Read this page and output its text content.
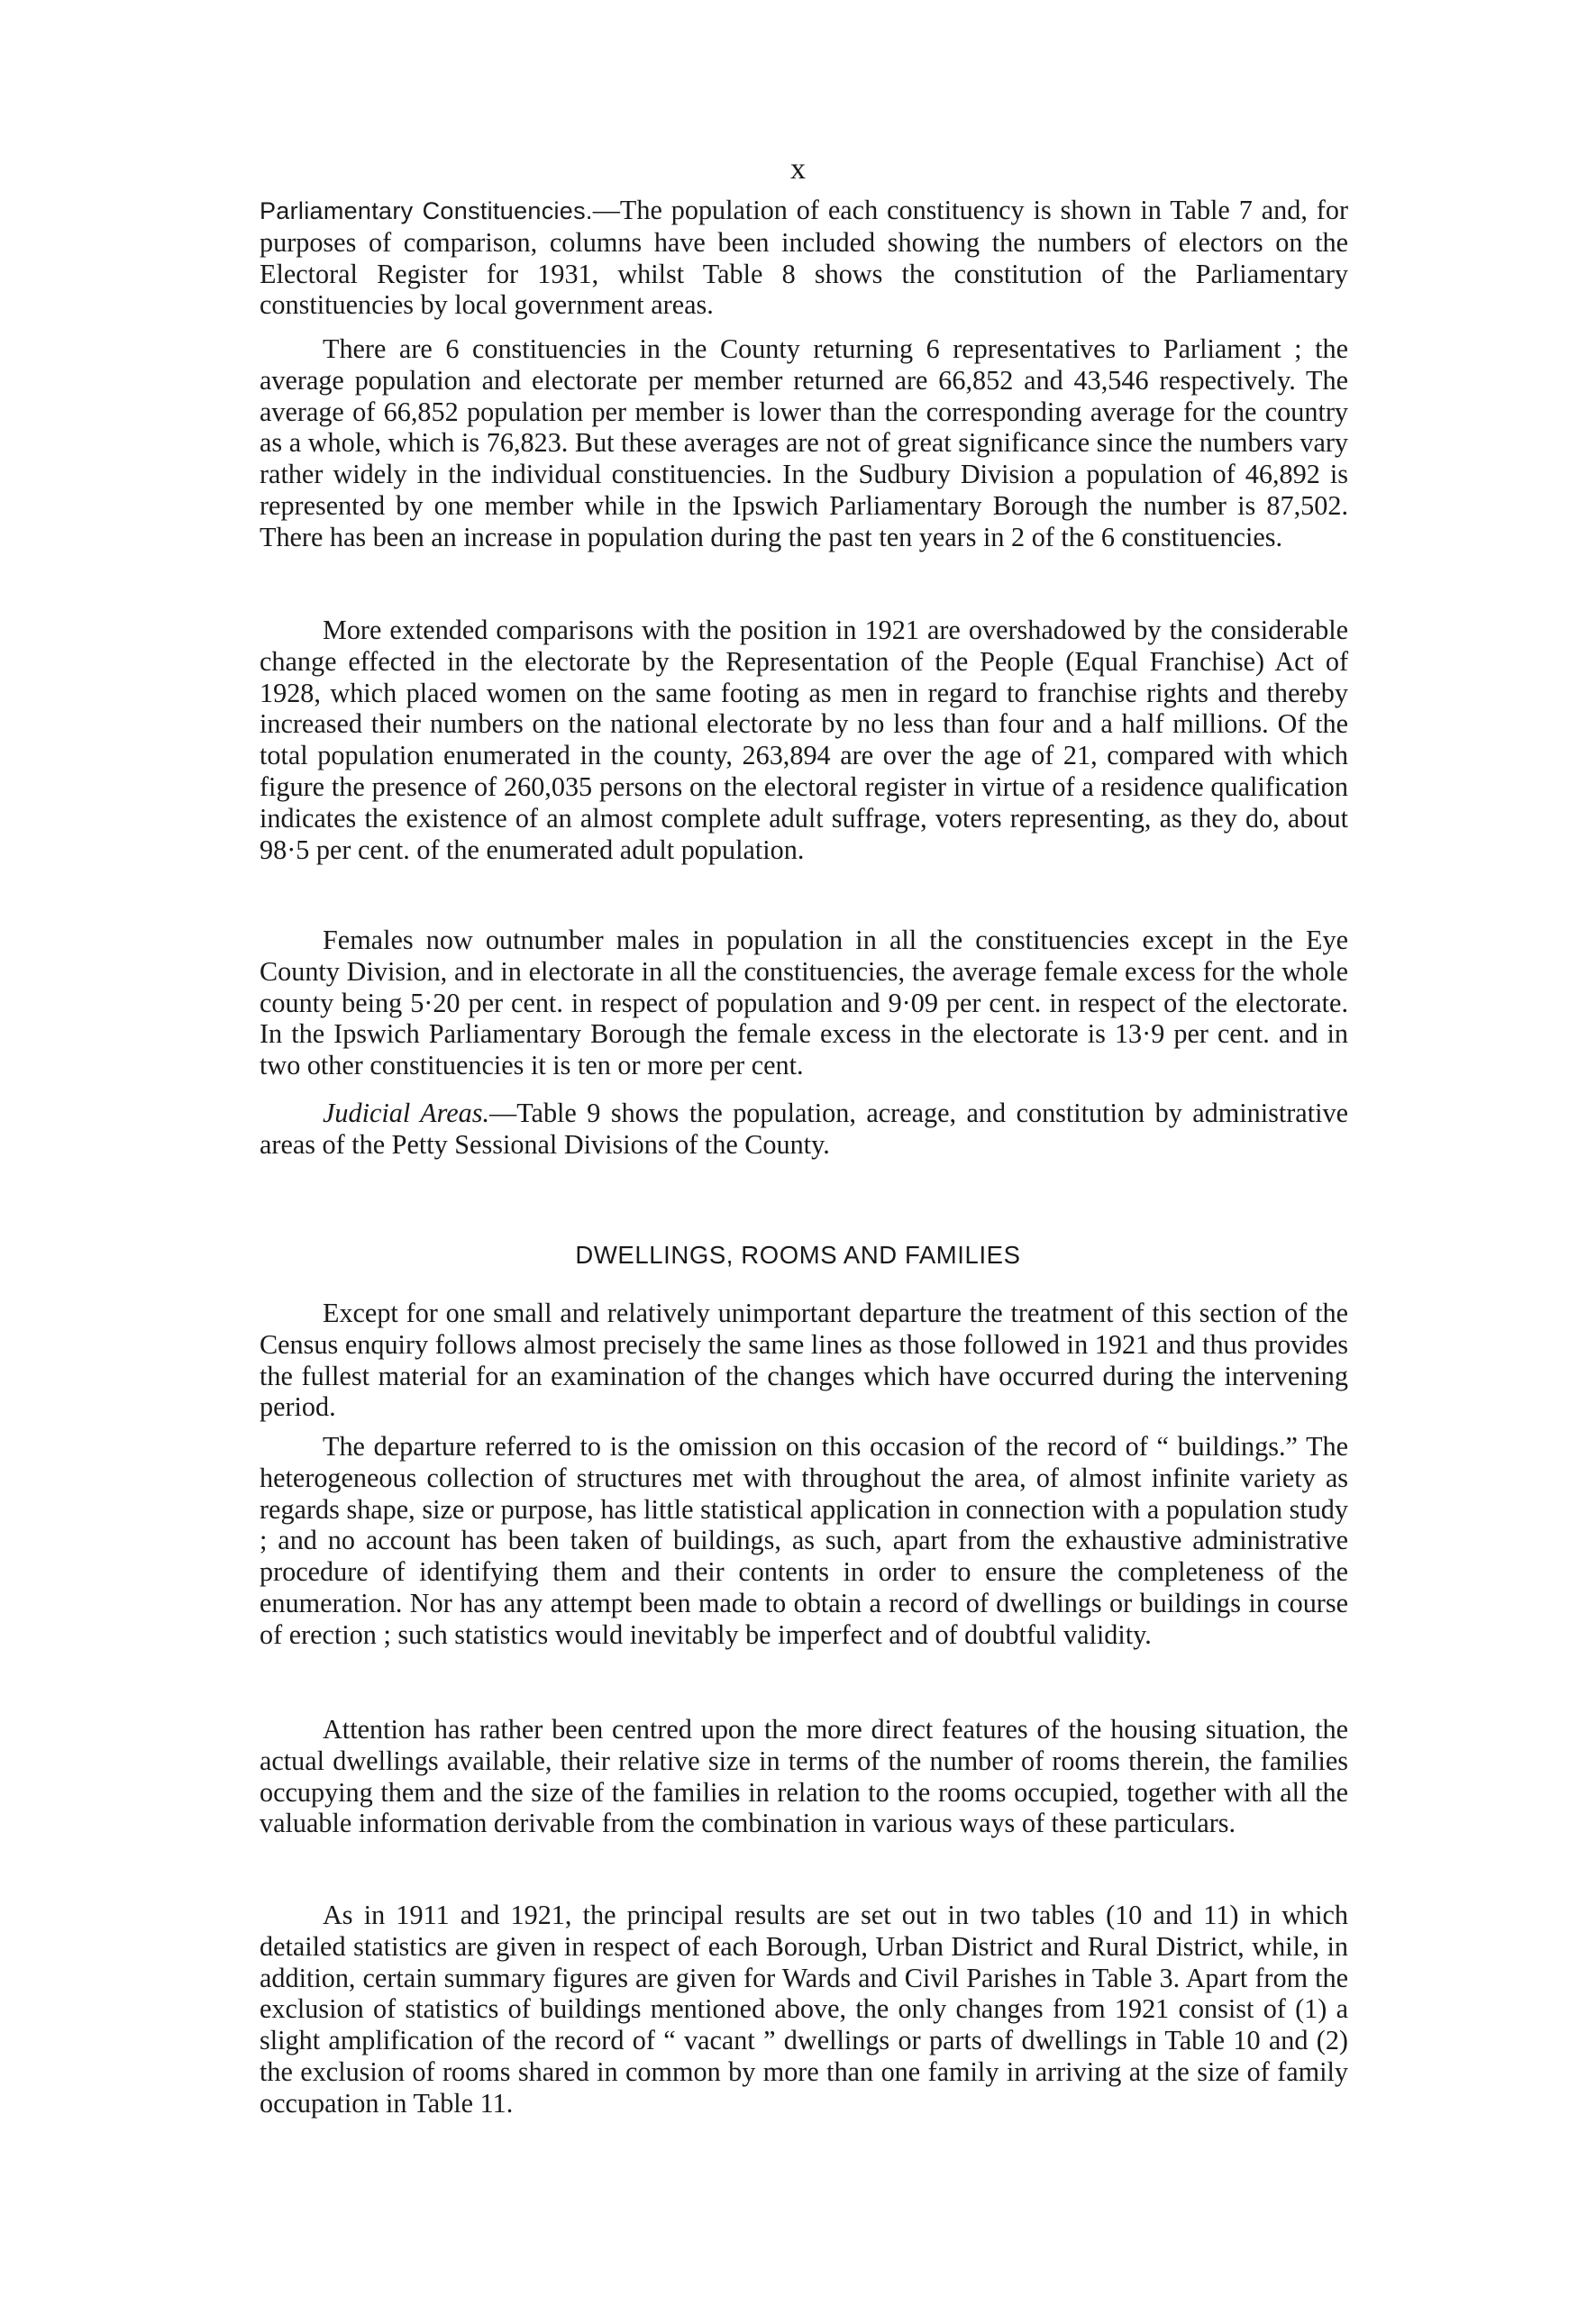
x

Parliamentary Constituencies.—The population of each constituency is shown in Table 7 and, for purposes of comparison, columns have been included showing the numbers of electors on the Electoral Register for 1931, whilst Table 8 shows the constitution of the Parliamentary constituencies by local government areas.

There are 6 constituencies in the County returning 6 representatives to Parliament ; the average population and electorate per member returned are 66,852 and 43,546 respectively. The average of 66,852 population per member is lower than the corresponding average for the country as a whole, which is 76,823. But these averages are not of great significance since the numbers vary rather widely in the individual constituencies. In the Sudbury Division a population of 46,892 is represented by one member while in the Ipswich Parliamentary Borough the number is 87,502. There has been an increase in population during the past ten years in 2 of the 6 constituencies.

More extended comparisons with the position in 1921 are overshadowed by the considerable change effected in the electorate by the Representation of the People (Equal Franchise) Act of 1928, which placed women on the same footing as men in regard to franchise rights and thereby increased their numbers on the national electorate by no less than four and a half millions. Of the total population enumerated in the county, 263,894 are over the age of 21, compared with which figure the presence of 260,035 persons on the electoral register in virtue of a residence qualification indicates the existence of an almost complete adult suffrage, voters representing, as they do, about 98·5 per cent. of the enumerated adult population.

Females now outnumber males in population in all the constituencies except in the Eye County Division, and in electorate in all the constituencies, the average female excess for the whole county being 5·20 per cent. in respect of population and 9·09 per cent. in respect of the electorate. In the Ipswich Parliamentary Borough the female excess in the electorate is 13·9 per cent. and in two other constituencies it is ten or more per cent.

Judicial Areas.—Table 9 shows the population, acreage, and constitution by administrative areas of the Petty Sessional Divisions of the County.

DWELLINGS, ROOMS AND FAMILIES

Except for one small and relatively unimportant departure the treatment of this section of the Census enquiry follows almost precisely the same lines as those followed in 1921 and thus provides the fullest material for an examination of the changes which have occurred during the intervening period.

The departure referred to is the omission on this occasion of the record of “ buildings.” The heterogeneous collection of structures met with throughout the area, of almost infinite variety as regards shape, size or purpose, has little statistical application in connection with a population study ; and no account has been taken of buildings, as such, apart from the exhaustive administrative procedure of identifying them and their contents in order to ensure the completeness of the enumeration. Nor has any attempt been made to obtain a record of dwellings or buildings in course of erection ; such statistics would inevitably be imperfect and of doubtful validity.

Attention has rather been centred upon the more direct features of the housing situation, the actual dwellings available, their relative size in terms of the number of rooms therein, the families occupying them and the size of the families in relation to the rooms occupied, together with all the valuable information derivable from the combination in various ways of these particulars.

As in 1911 and 1921, the principal results are set out in two tables (10 and 11) in which detailed statistics are given in respect of each Borough, Urban District and Rural District, while, in addition, certain summary figures are given for Wards and Civil Parishes in Table 3. Apart from the exclusion of statistics of buildings mentioned above, the only changes from 1921 consist of (1) a slight amplification of the record of “ vacant ” dwellings or parts of dwellings in Table 10 and (2) the exclusion of rooms shared in common by more than one family in arriving at the size of family occupation in Table 11.
